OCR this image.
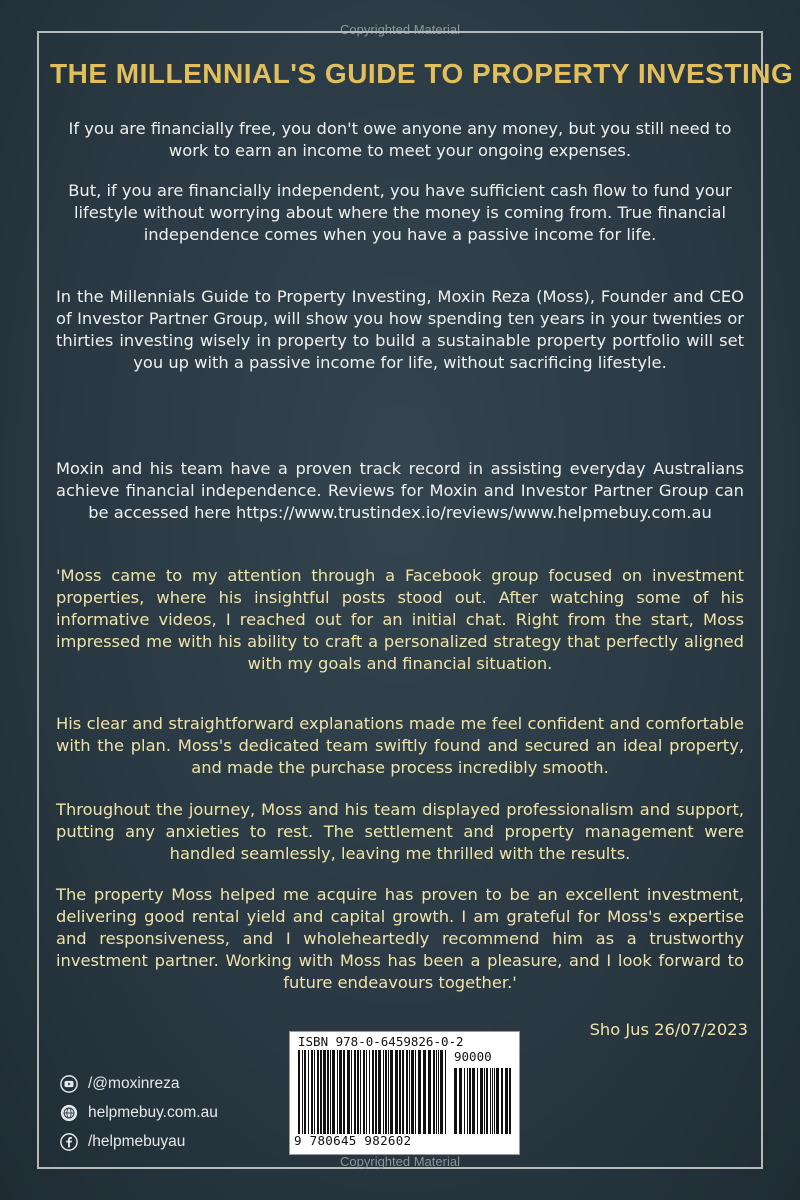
Copyrighted Material
THE MILLENNIAL'S GUIDE TO PROPERTY INVESTING

If you are financially free, you don't owe anyone any money, but you still need to work to earn an income to meet your ongoing expenses.

But, if you are financially independent, you have sufficient cash flow to fund your lifestyle without worrying about where the money is coming from. True financial independence comes when you have a passive income for life.

In the Millennials Guide to Property Investing, Moxin Reza (Moss), Founder and CEO of Investor Partner Group, will show you how spending ten years in your twenties or thirties investing wisely in property to build a sustainable property portfolio will set you up with a passive income for life, without sacrificing lifestyle.

Moxin and his team have a proven track record in assisting everyday Australians achieve financial independence. Reviews for Moxin and Investor Partner Group can be accessed here https://www.trustindex.io/reviews/www.helpmebuy.com.au

'Moss came to my attention through a Facebook group focused on investment properties, where his insightful posts stood out. After watching some of his informative videos, I reached out for an initial chat. Right from the start, Moss impressed me with his ability to craft a personalized strategy that perfectly aligned with my goals and financial situation.

His clear and straightforward explanations made me feel confident and comfortable with the plan. Moss's dedicated team swiftly found and secured an ideal property, and made the purchase process incredibly smooth.

Throughout the journey, Moss and his team displayed professionalism and support, putting any anxieties to rest. The settlement and property management were handled seamlessly, leaving me thrilled with the results.

The property Moss helped me acquire has proven to be an excellent investment, delivering good rental yield and capital growth. I am grateful for Moss's expertise and responsiveness, and I wholeheartedly recommend him as a trustworthy investment partner. Working with Moss has been a pleasure, and I look forward to future endeavours together.'

Sho Jus 26/07/2023
/@moxinreza
helpmebuy.com.au
/helpmebuyau
ISBN 978-0-6459826-0-2
90000
9 780645 982602
Copyrighted Material
